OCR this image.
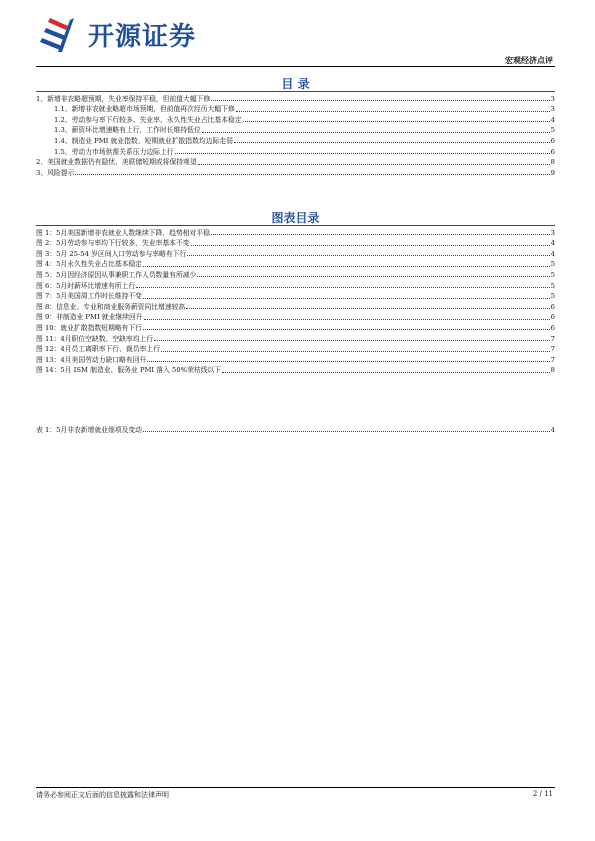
开源证券
宏观经济点评
目 录
1、新增非农略超预期，失业率保持平稳，但前值大幅下修	3
1.1、新增非农就业略超市场预期，但前值再次经历大幅下修	3
1.2、劳动参与率下行较多、失业率、永久性失业占比基本稳定	4
1.3、薪资环比增速略有上行，工作时长维持低位	5
1.4、制造业 PMI 就业指数、短期就业扩散指数均边际走弱	6
1.5、劳动力市场供需关系压力边际上行	6
2、美国就业数据仍有隐忧，美联储短期或将保持观望	8
3、风险提示	9
图表目录
图 1：5月美国新增非农就业人数继续下降，趋势相对平稳	3
图 2：5月劳动参与率均下行较多，失业率基本不变	4
图 3：5月 25-54 岁区间人口劳动参与率略有下行	4
图 4：5月永久性失业占比基本稳定	5
图 5：5月因经济原因从事兼职工作人员数量有所减少	5
图 6：5月时薪环比增速有所上行	5
图 7：5月美国周工作时长维持不变	5
图 8：信息业、专业和商业服务薪资同比增速较高	6
图 9：非制造业 PMI 就业继续回升	6
图 10：就业扩散指数短期略有下行	6
图 11：4月职位空缺数、空缺率均上行	7
图 12：4月员工离职率下行、裁员率上行	7
图 13：4月美国劳动力缺口略有回升	7
图 14：5月 ISM 制造业、服务业 PMI 落入 50%荣枯线以下	8
表 1：5月非农新增就业细项及变动	4
请务必参阅正文后面的信息披露和法律声明	2 / 11
